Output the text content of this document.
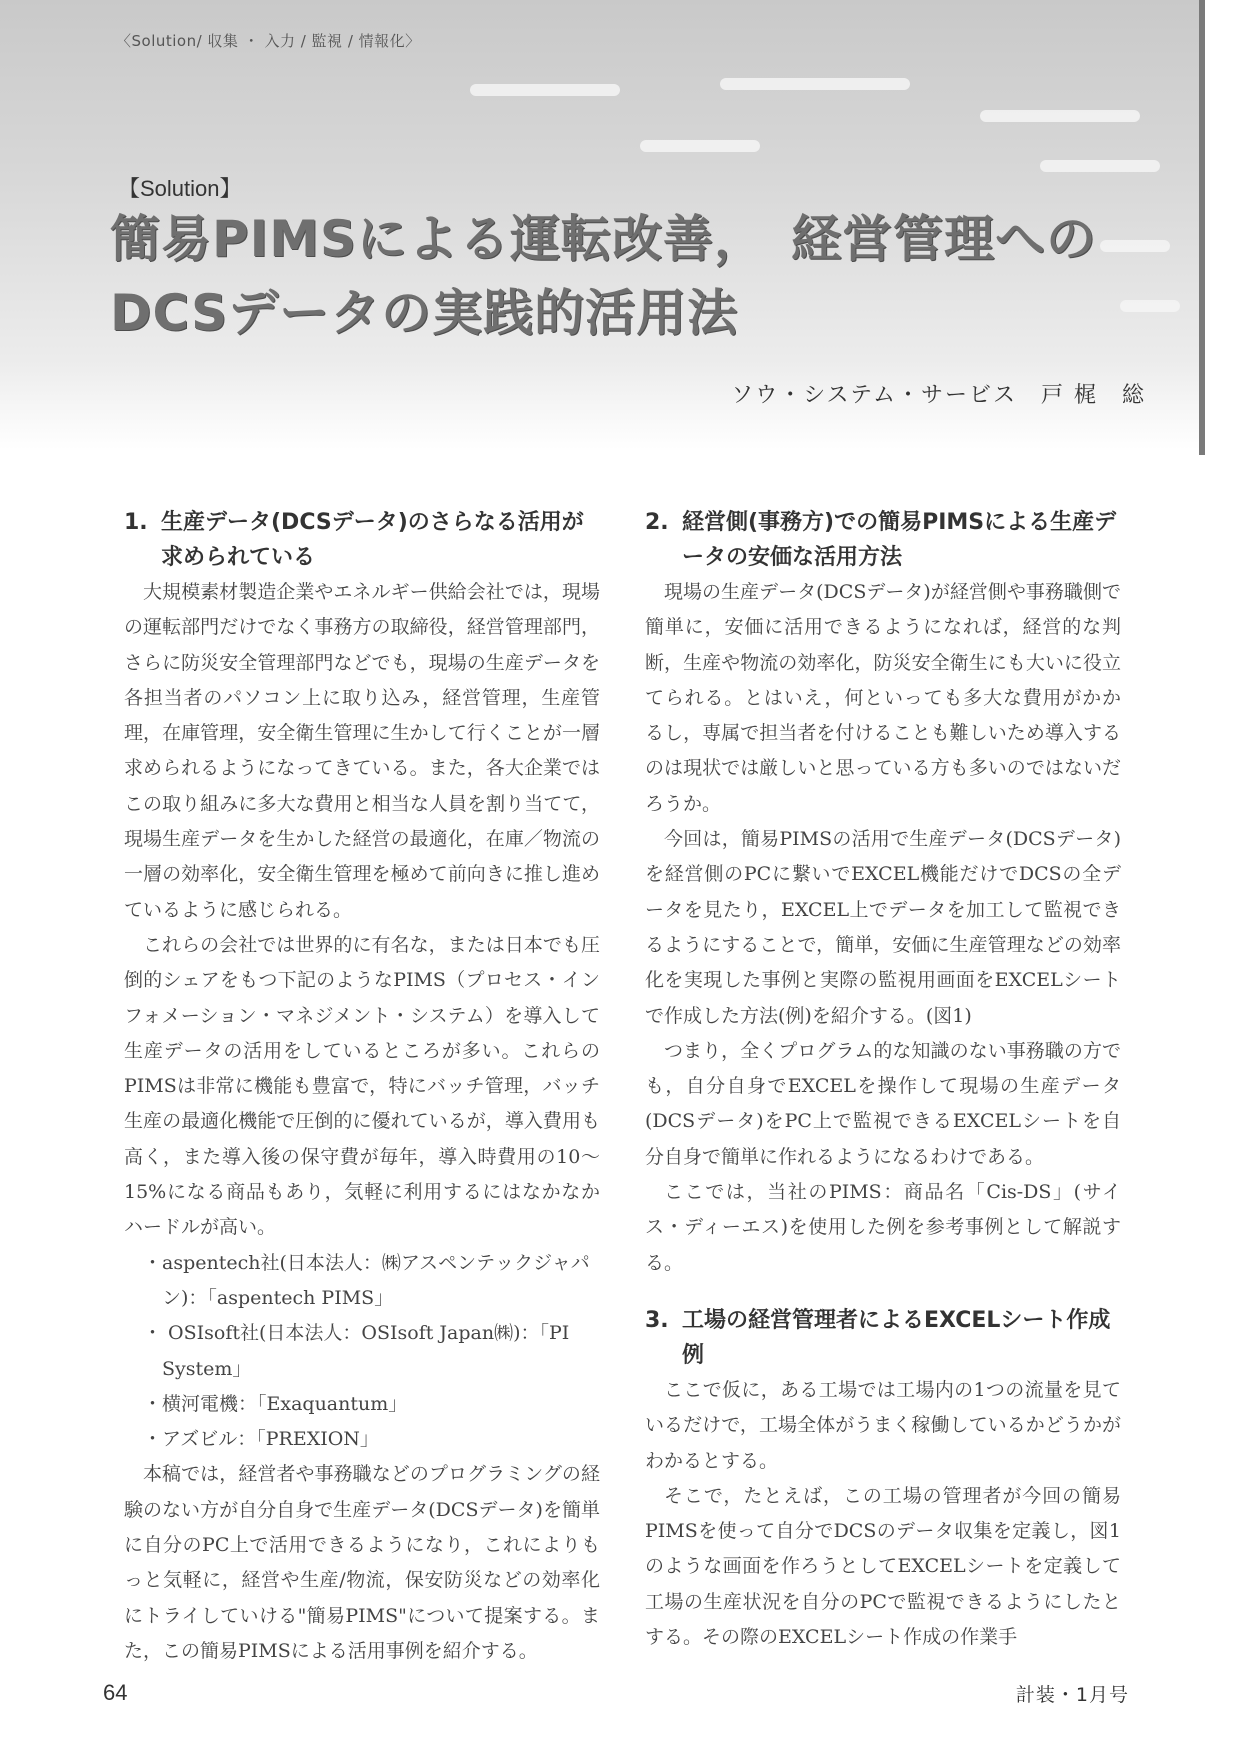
〈Solution/ 収集 ・ 入力 / 監視 / 情報化〉
【Solution】
簡易PIMSによる運転改善，　経営管理への
DCSデータの実践的活用法
ソウ・システム・サービス　戸 梶　総
1. 生産データ(DCSデータ)のさらなる活用が求められている

大規模素材製造企業やエネルギー供給会社では，現場の運転部門だけでなく事務方の取締役，経営管理部門，さらに防災安全管理部門などでも，現場の生産データを各担当者のパソコン上に取り込み，経営管理，生産管理，在庫管理，安全衛生管理に生かして行くことが一層求められるようになってきている。また，各大企業ではこの取り組みに多大な費用と相当な人員を割り当てて，現場生産データを生かした経営の最適化，在庫／物流の一層の効率化，安全衛生管理を極めて前向きに推し進めているように感じられる。

これらの会社では世界的に有名な，または日本でも圧倒的シェアをもつ下記のようなPIMS（プロセス・インフォメーション・マネジメント・システム）を導入して生産データの活用をしているところが多い。これらのPIMSは非常に機能も豊富で，特にバッチ管理，バッチ生産の最適化機能で圧倒的に優れているが，導入費用も高く，また導入後の保守費が毎年，導入時費用の10～15%になる商品もあり，気軽に利用するにはなかなかハードルが高い。

・aspentech社(日本法人：㈱アスペンテックジャパン)：「aspentech PIMS」
・ OSIsoft社(日本法人：OSIsoft Japan㈱)：「PI System」
・横河電機：「Exaquantum」
・アズビル：「PREXION」

本稿では，経営者や事務職などのプログラミングの経験のない方が自分自身で生産データ(DCSデータ)を簡単に自分のPC上で活用できるようになり，これによりもっと気軽に，経営や生産/物流，保安防災などの効率化にトライしていける"簡易PIMS"について提案する。また，この簡易PIMSによる活用事例を紹介する。

2. 経営側(事務方)での簡易PIMSによる生産データの安価な活用方法

現場の生産データ(DCSデータ)が経営側や事務職側で簡単に，安価に活用できるようになれば，経営的な判断，生産や物流の効率化，防災安全衛生にも大いに役立てられる。とはいえ，何といっても多大な費用がかかるし，専属で担当者を付けることも難しいため導入するのは現状では厳しいと思っている方も多いのではないだろうか。

今回は，簡易PIMSの活用で生産データ(DCSデータ)を経営側のPCに繋いでEXCEL機能だけでDCSの全データを見たり，EXCEL上でデータを加工して監視できるようにすることで，簡単，安価に生産管理などの効率化を実現した事例と実際の監視用画面をEXCELシートで作成した方法(例)を紹介する。(図1)

つまり，全くプログラム的な知識のない事務職の方でも，自分自身でEXCELを操作して現場の生産データ(DCSデータ)をPC上で監視できるEXCELシートを自分自身で簡単に作れるようになるわけである。

ここでは，当社のPIMS：商品名「Cis-DS」(サイス・ディーエス)を使用した例を参考事例として解説する。

3. 工場の経営管理者によるEXCELシート作成例

ここで仮に，ある工場では工場内の1つの流量を見ているだけで，工場全体がうまく稼働しているかどうかがわかるとする。

そこで，たとえば，この工場の管理者が今回の簡易PIMSを使って自分でDCSのデータ収集を定義し，図1のような画面を作ろうとしてEXCELシートを定義して工場の生産状況を自分のPCで監視できるようにしたとする。その際のEXCELシート作成の作業手

64	計装・1月号
